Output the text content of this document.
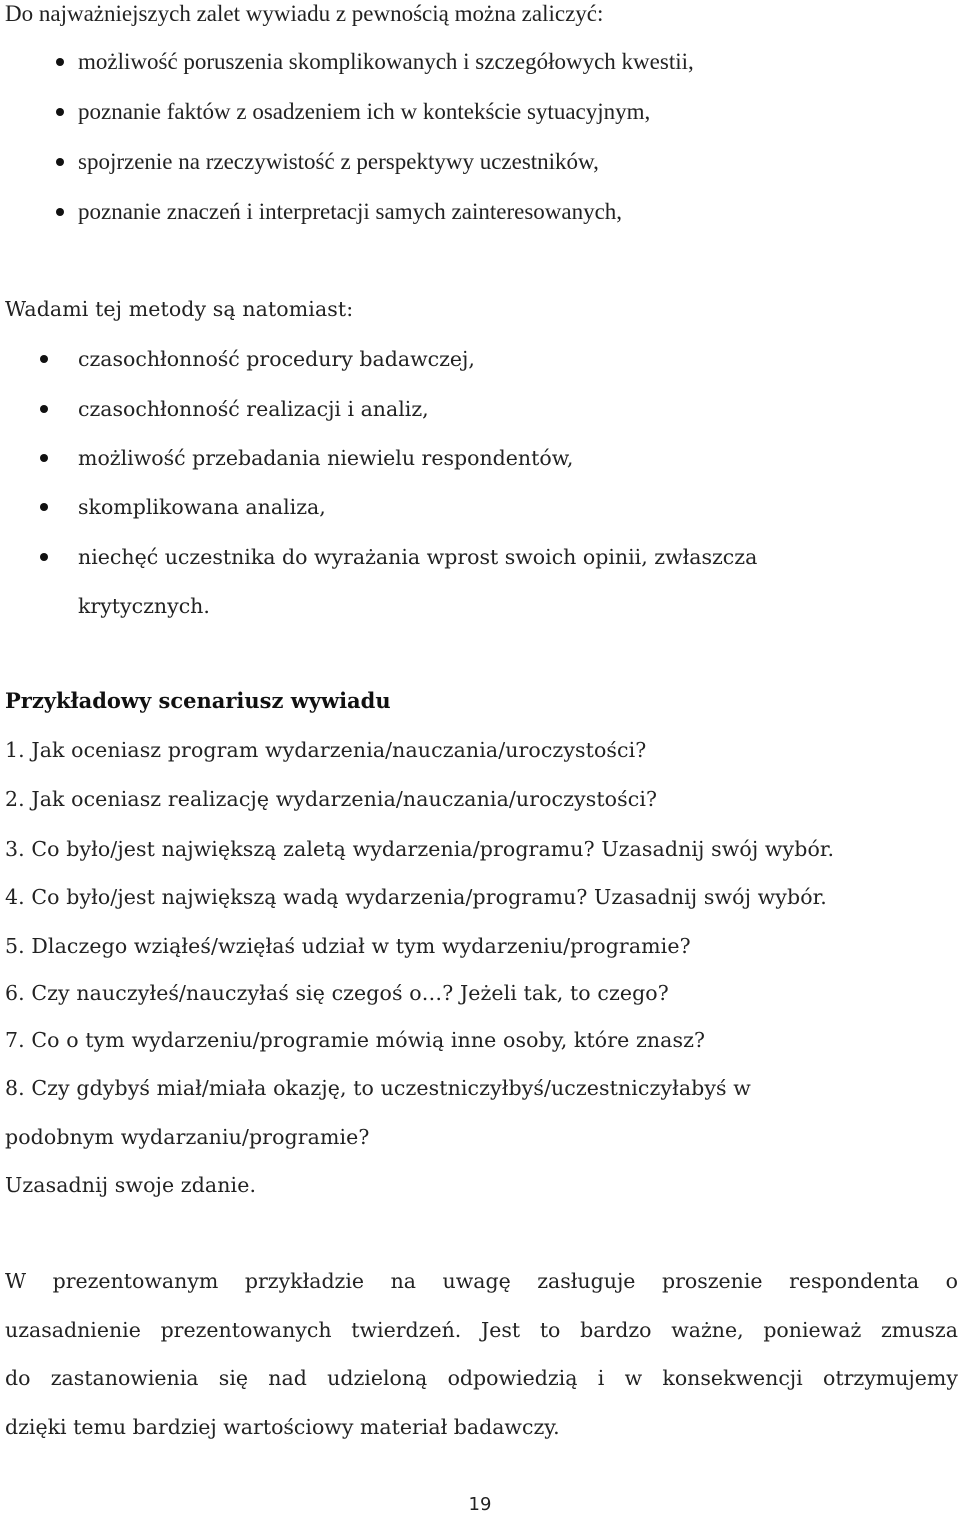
Do najważniejszych zalet wywiadu z pewnością można zaliczyć:
możliwość poruszenia skomplikowanych i szczegółowych kwestii,
poznanie faktów z osadzeniem ich w kontekście sytuacyjnym,
spojrzenie na rzeczywistość z perspektywy uczestników,
poznanie znaczeń i interpretacji samych zainteresowanych,
Wadami tej metody są natomiast:
czasochłonność procedury badawczej,
czasochłonność realizacji i analiz,
możliwość przebadania niewielu respondentów,
skomplikowana analiza,
niechęć uczestnika do wyrażania wprost swoich opinii, zwłaszcza
krytycznych.
Przykładowy scenariusz wywiadu
1. Jak oceniasz program wydarzenia/nauczania/uroczystości?
2. Jak oceniasz realizację wydarzenia/nauczania/uroczystości?
3. Co było/jest największą zaletą wydarzenia/programu? Uzasadnij swój wybór.
4. Co było/jest największą wadą wydarzenia/programu? Uzasadnij swój wybór.
5. Dlaczego wziąłeś/wzięłaś udział w tym wydarzeniu/programie?
6. Czy nauczyłeś/nauczyłaś się czegoś o…? Jeżeli tak, to czego?
7. Co o tym wydarzeniu/programie mówią inne osoby, które znasz?
8. Czy gdybyś miał/miała okazję, to uczestniczyłbyś/uczestniczyłabyś w
podobnym wydarzaniu/programie?
Uzasadnij swoje zdanie.
W prezentowanym przykładzie na uwagę zasługuje proszenie respondenta o
uzasadnienie prezentowanych twierdzeń. Jest to bardzo ważne, ponieważ zmusza
do zastanowienia się nad udzieloną odpowiedzią i w konsekwencji otrzymujemy
dzięki temu bardziej wartościowy materiał badawczy.
19
